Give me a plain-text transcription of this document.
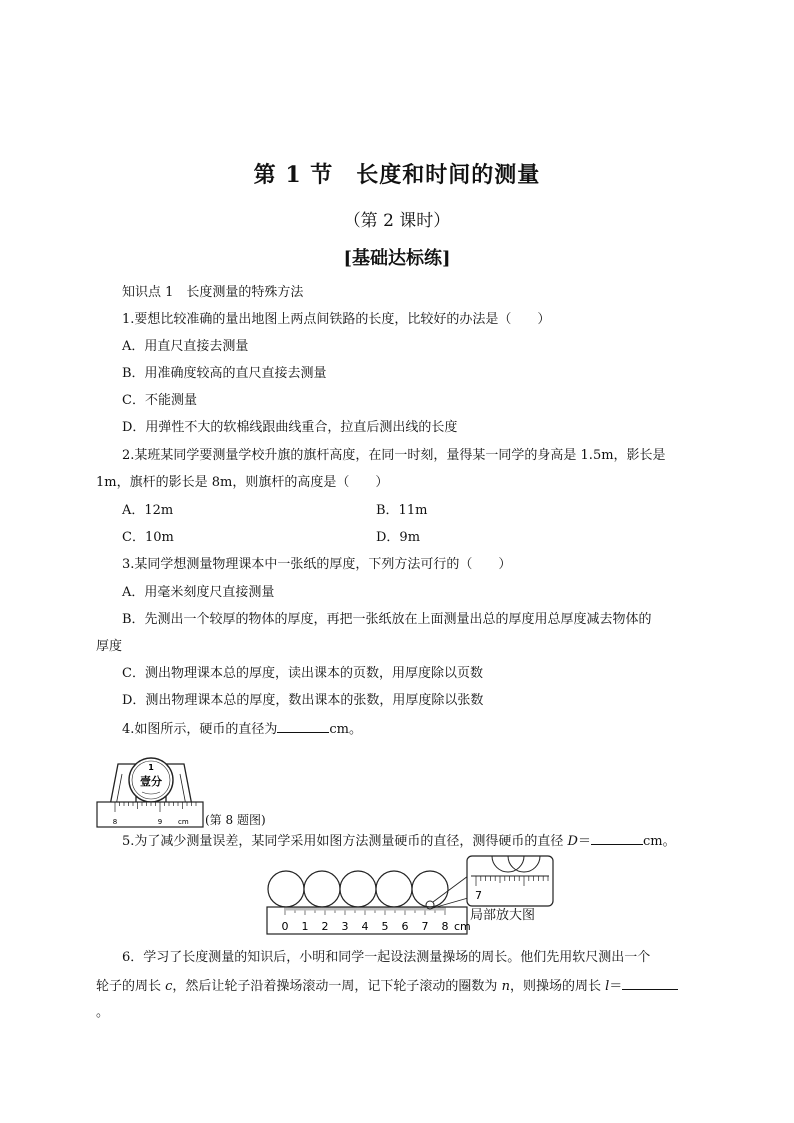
第 1 节　长度和时间的测量
（第 2 课时）
[基础达标练]
知识点 1　长度测量的特殊方法
1.要想比较准确的量出地图上两点间铁路的长度，比较好的办法是（　　）
A．用直尺直接去测量
B．用准确度较高的直尺直接去测量
C．不能测量
D．用弹性不大的软棉线跟曲线重合，拉直后测出线的长度
2.某班某同学要测量学校升旗的旗杆高度，在同一时刻，量得某一同学的身高是 1.5m，影长是
1m，旗杆的影长是 8m，则旗杆的高度是（　　）
A．12m	B．11m
C．10m	D．9m
3.某同学想测量物理课本中一张纸的厚度，下列方法可行的（　　）
A．用毫米刻度尺直接测量
B．先测出一个较厚的物体的厚度，再把一张纸放在上面测量出总的厚度用总厚度减去物体的
厚度
C．测出物理课本总的厚度，读出课本的页数，用厚度除以页数
D．测出物理课本总的厚度，数出课本的张数，用厚度除以张数
4.如图所示，硬币的直径为	cm。
1
壹分
8	9 cm (第 8 题图)
5.为了减少测量误差，某同学采用如图方法测量硬币的直径，测得硬币的直径 D＝	cm。
0 1 2 3 4 5 6 7 8 cm
7
局部放大图
6．学习了长度测量的知识后，小明和同学一起设法测量操场的周长。他们先用软尺测出一个
轮子的周长 c，然后让轮子沿着操场滚动一周，记下轮子滚动的圈数为 n，则操场的周长 l＝
。
